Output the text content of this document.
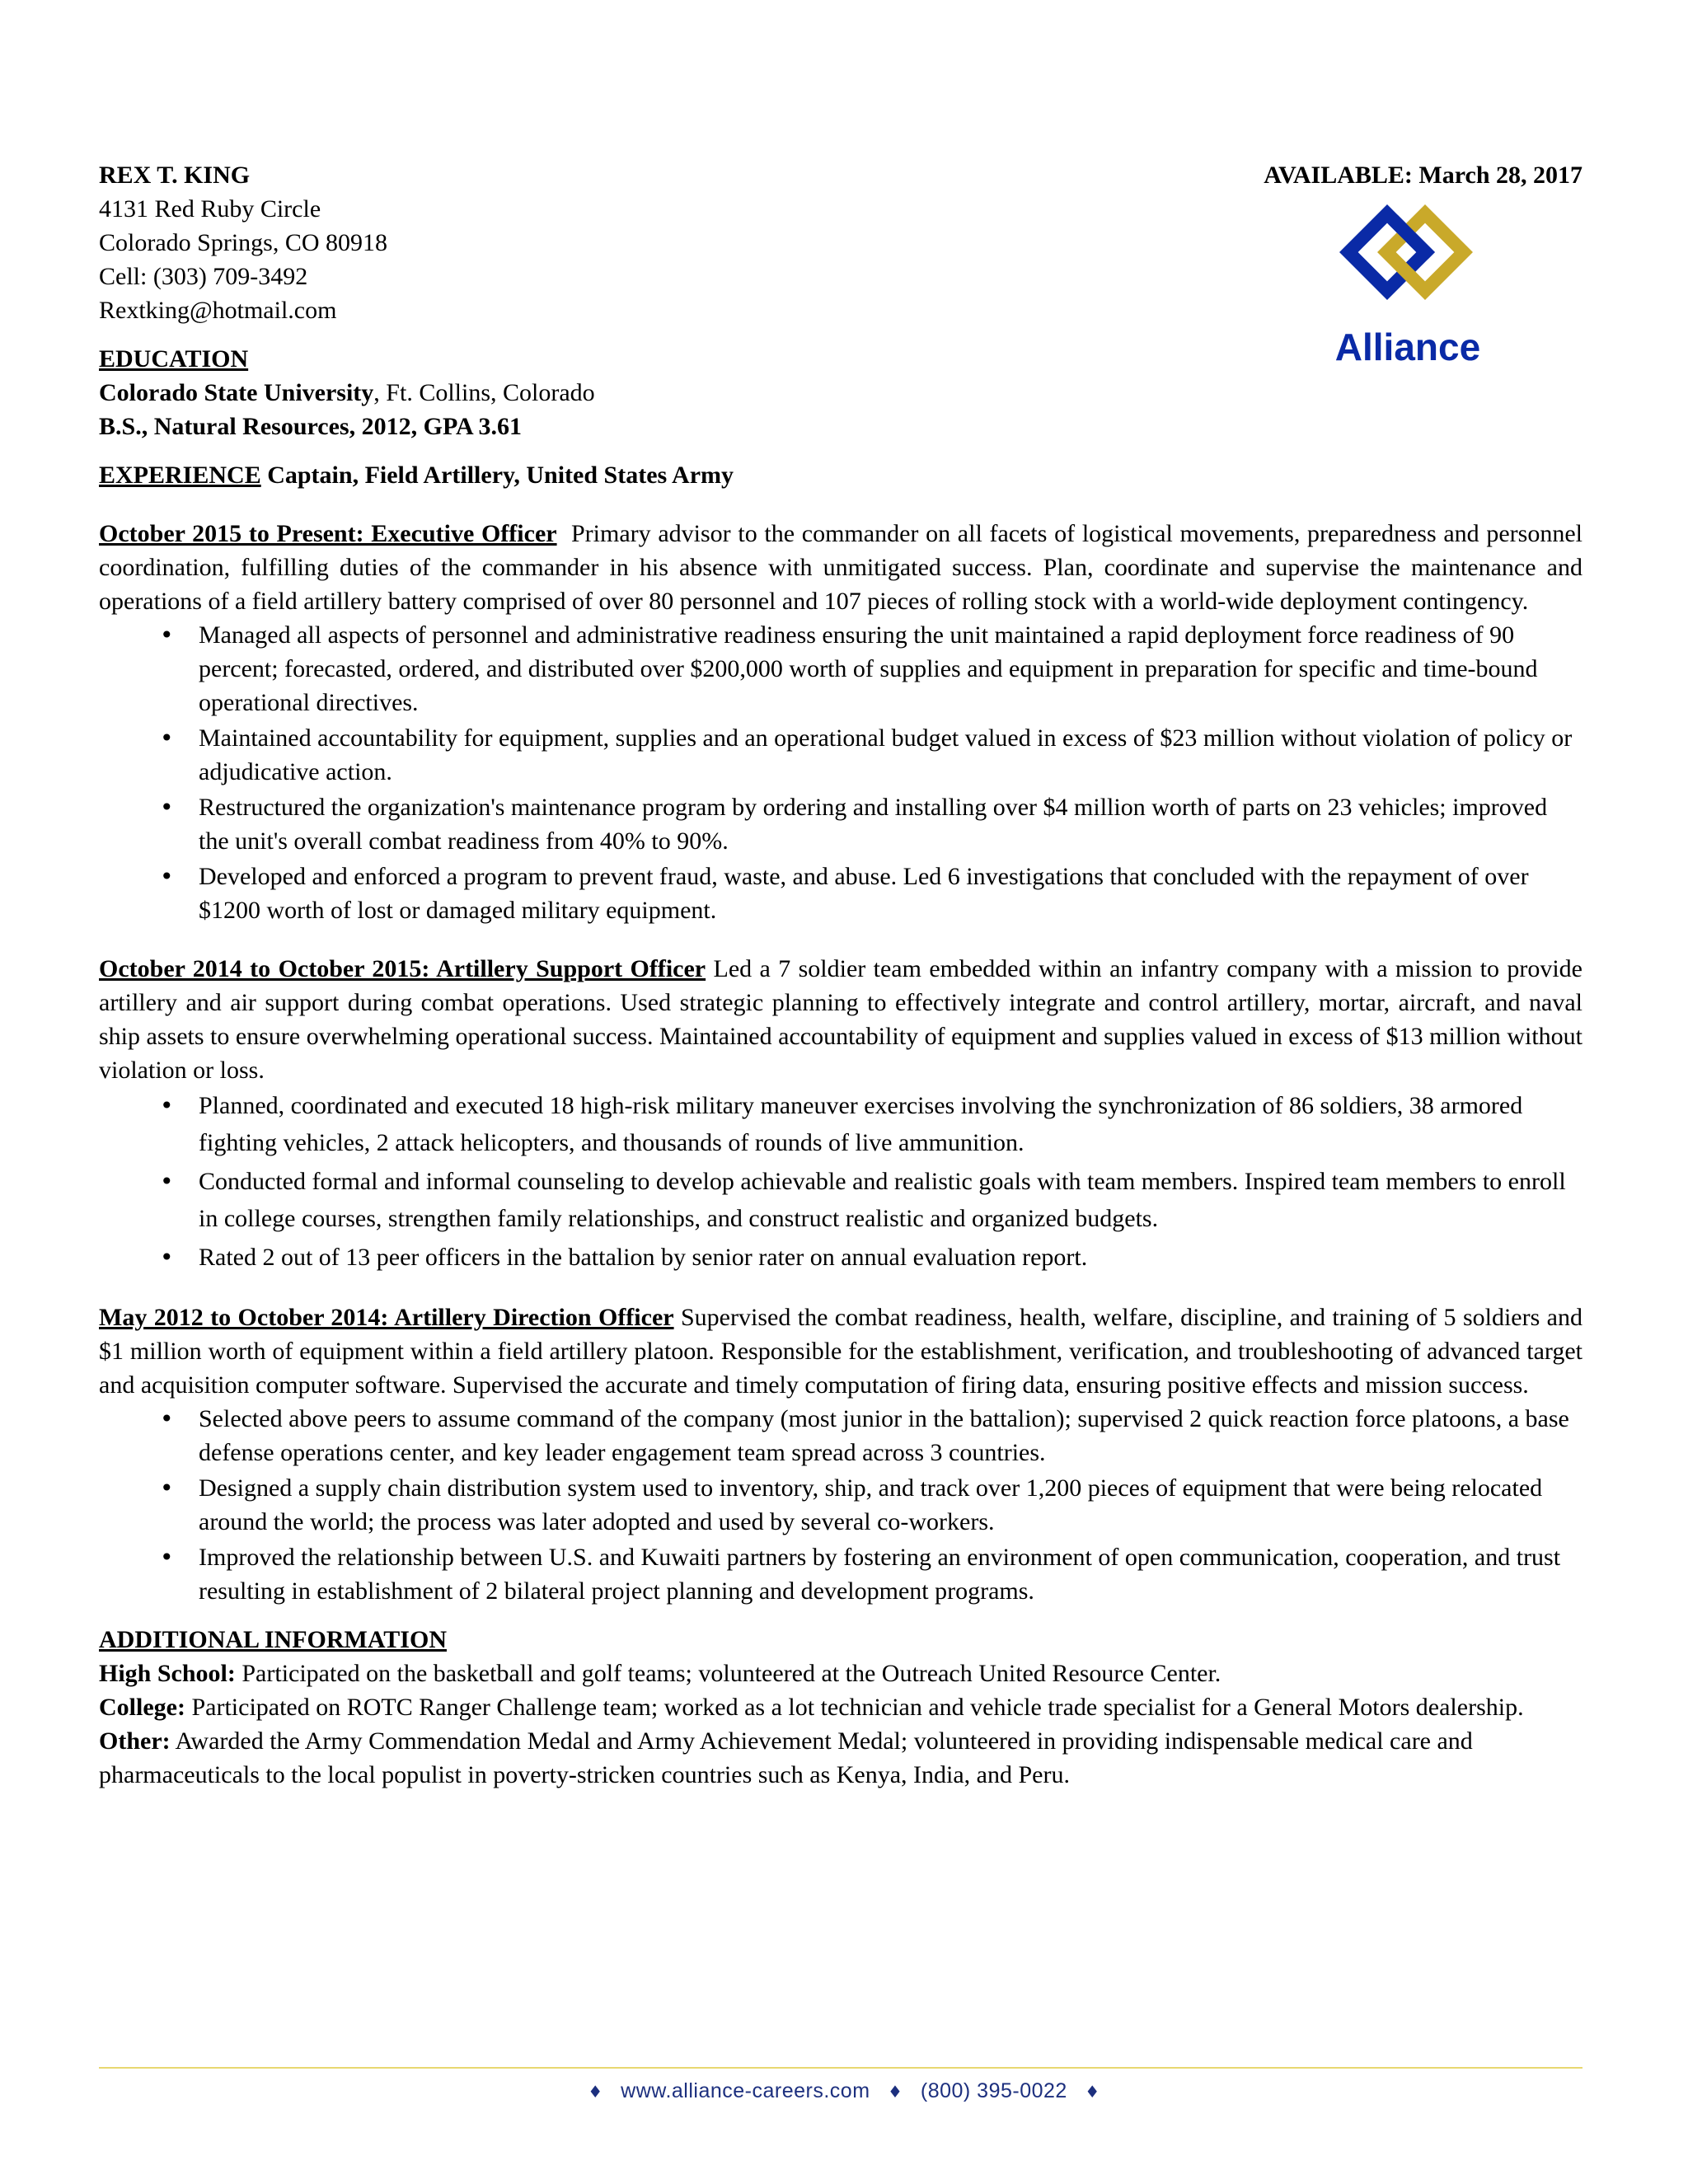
REX T. KING	AVAILABLE: March 28, 2017
4131 Red Ruby Circle
Colorado Springs, CO 80918
Cell: (303) 709-3492
Rextking@hotmail.com
EDUCATION
Colorado State University, Ft. Collins, Colorado
B.S., Natural Resources, 2012, GPA 3.61
EXPERIENCE Captain, Field Artillery, United States Army
October 2015 to Present: Executive Officer Primary advisor to the commander on all facets of logistical movements, preparedness and personnel coordination, fulfilling duties of the commander in his absence with unmitigated success. Plan, coordinate and supervise the maintenance and operations of a field artillery battery comprised of over 80 personnel and 107 pieces of rolling stock with a world-wide deployment contingency.
• Managed all aspects of personnel and administrative readiness ensuring the unit maintained a rapid deployment force readiness of 90 percent; forecasted, ordered, and distributed over $200,000 worth of supplies and equipment in preparation for specific and time-bound operational directives.
• Maintained accountability for equipment, supplies and an operational budget valued in excess of $23 million without violation of policy or adjudicative action.
• Restructured the organization's maintenance program by ordering and installing over $4 million worth of parts on 23 vehicles; improved the unit's overall combat readiness from 40% to 90%.
• Developed and enforced a program to prevent fraud, waste, and abuse. Led 6 investigations that concluded with the repayment of over $1200 worth of lost or damaged military equipment.
October 2014 to October 2015: Artillery Support Officer Led a 7 soldier team embedded within an infantry company with a mission to provide artillery and air support during combat operations. Used strategic planning to effectively integrate and control artillery, mortar, aircraft, and naval ship assets to ensure overwhelming operational success. Maintained accountability of equipment and supplies valued in excess of $13 million without violation or loss.
• Planned, coordinated and executed 18 high-risk military maneuver exercises involving the synchronization of 86 soldiers, 38 armored fighting vehicles, 2 attack helicopters, and thousands of rounds of live ammunition.
• Conducted formal and informal counseling to develop achievable and realistic goals with team members. Inspired team members to enroll in college courses, strengthen family relationships, and construct realistic and organized budgets.
• Rated 2 out of 13 peer officers in the battalion by senior rater on annual evaluation report.
May 2012 to October 2014: Artillery Direction Officer Supervised the combat readiness, health, welfare, discipline, and training of 5 soldiers and $1 million worth of equipment within a field artillery platoon. Responsible for the establishment, verification, and troubleshooting of advanced target and acquisition computer software. Supervised the accurate and timely computation of firing data, ensuring positive effects and mission success.
• Selected above peers to assume command of the company (most junior in the battalion); supervised 2 quick reaction force platoons, a base defense operations center, and key leader engagement team spread across 3 countries.
• Designed a supply chain distribution system used to inventory, ship, and track over 1,200 pieces of equipment that were being relocated around the world; the process was later adopted and used by several co-workers.
• Improved the relationship between U.S. and Kuwaiti partners by fostering an environment of open communication, cooperation, and trust resulting in establishment of 2 bilateral project planning and development programs.
ADDITIONAL INFORMATION
High School: Participated on the basketball and golf teams; volunteered at the Outreach United Resource Center.
College: Participated on ROTC Ranger Challenge team; worked as a lot technician and vehicle trade specialist for a General Motors dealership.
Other: Awarded the Army Commendation Medal and Army Achievement Medal; volunteered in providing indispensable medical care and pharmaceuticals to the local populist in poverty-stricken countries such as Kenya, India, and Peru.
Alliance
♦ www.alliance-careers.com ♦ (800) 395-0022 ♦
